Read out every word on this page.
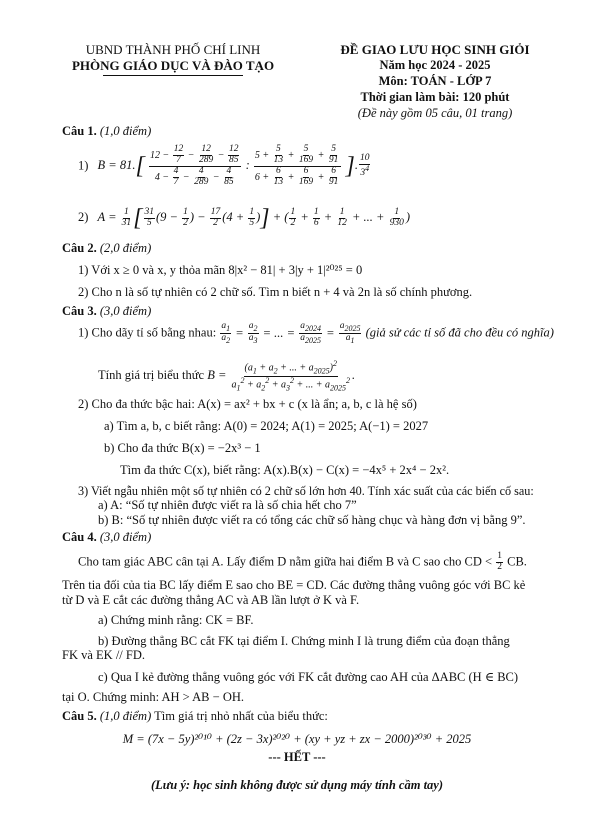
UBND THÀNH PHỐ CHÍ LINH
PHÒNG GIÁO DỤC VÀ ĐÀO TẠO
ĐỀ GIAO LƯU HỌC SINH GIỎI
Năm học 2024 - 2025
Môn: TOÁN - LỚP 7
Thời gian làm bài: 120 phút
(Đề này gồm 05 câu, 01 trang)
Câu 1. (1,0 điểm)
1) $B = 81.[ \frac{12 - \frac{12}{7} - \frac{12}{289} - \frac{12}{85}}{4 - \frac{4}{7} - \frac{4}{289} - \frac{4}{85}}$ : $\frac{5 + \frac{5}{13} + \frac{5}{169} + \frac{5}{91}}{6 + \frac{6}{13} + \frac{6}{169} + \frac{6}{91}}$ ]. $\frac{10}{3^4}$
2) $A = \frac{1}{31}$ [ $\frac{31}{5} (9 - \frac{1}{2}$ ) − $\frac{17}{2} (4 + \frac{1}{5}$ )] + ( $\frac{1}{2} + \frac{1}{6} + \frac{1}{12}$ + ... + $\frac{1}{930}$ )
Câu 2. (2,0 điểm)
1) Với x ≥ 0 và x, y thỏa mãn 8|x² − 81| + 3|y + 1|²⁰²⁵ = 0
2) Cho n là số tự nhiên có 2 chữ số. Tìm n biết n + 4 và 2n là số chính phương.
Câu 3. (3,0 điểm)
1) Cho dãy tỉ số bằng nhau: $\frac{a_1}{a_2} = \frac{a_2}{a_3}$ = ... = $\frac{a_{2024}}{a_{2025}} = \frac{a_{2025}}{a_1}$ (giả sử các tỉ số đã cho đều có nghĩa)
Tính giá trị biểu thức $B = \frac{(a_1 + a_2 + ... + a_{2025})^2}{a_1^2 + a_2^2 + a_3^2 + ... + a_{2025}^2}$ .
2) Cho đa thức bậc hai: A(x) = ax² + bx + c (x là ẩn; a, b, c là hệ số)
a) Tìm a, b, c biết rằng: A(0) = 2024; A(1) = 2025; A(−1) = 2027
b) Cho đa thức B(x) = −2x³ − 1
Tìm đa thức C(x), biết rằng: A(x).B(x) − C(x) = −4x⁵ + 2x⁴ − 2x².
3) Viết ngẫu nhiên một số tự nhiên có 2 chữ số lớn hơn 40. Tính xác suất của các biến cố sau:
a) A: “Số tự nhiên được viết ra là số chia hết cho 7”
b) B: “Số tự nhiên được viết ra có tổng các chữ số hàng chục và hàng đơn vị bằng 9”.
Câu 4. (3,0 điểm)
Cho tam giác ABC cân tại A. Lấy điểm D nằm giữa hai điểm B và C sao cho CD < $\frac{1}{2}$ CB.
Trên tia đối của tia BC lấy điểm E sao cho BE = CD. Các đường thẳng vuông góc với BC kẻ
từ D và E cắt các đường thẳng AC và AB lần lượt ở K và F.
a) Chứng minh rằng: CK = BF.
b) Đường thẳng BC cắt FK tại điểm I. Chứng minh I là trung điểm của đoạn thẳng
FK và EK // FD.
c) Qua I kẻ đường thẳng vuông góc với FK cắt đường cao AH của ΔABC (H ∈ BC)
tại O. Chứng minh: AH > AB − OH.
Câu 5. (1,0 điểm) Tìm giá trị nhỏ nhất của biểu thức:
M = (7x − 5y)²⁰¹⁰ + (2z − 3x)²⁰²⁰ + (xy + yz + zx − 2000)²⁰³⁰ + 2025
--- HẾT ---
(Lưu ý: học sinh không được sử dụng máy tính cầm tay)
